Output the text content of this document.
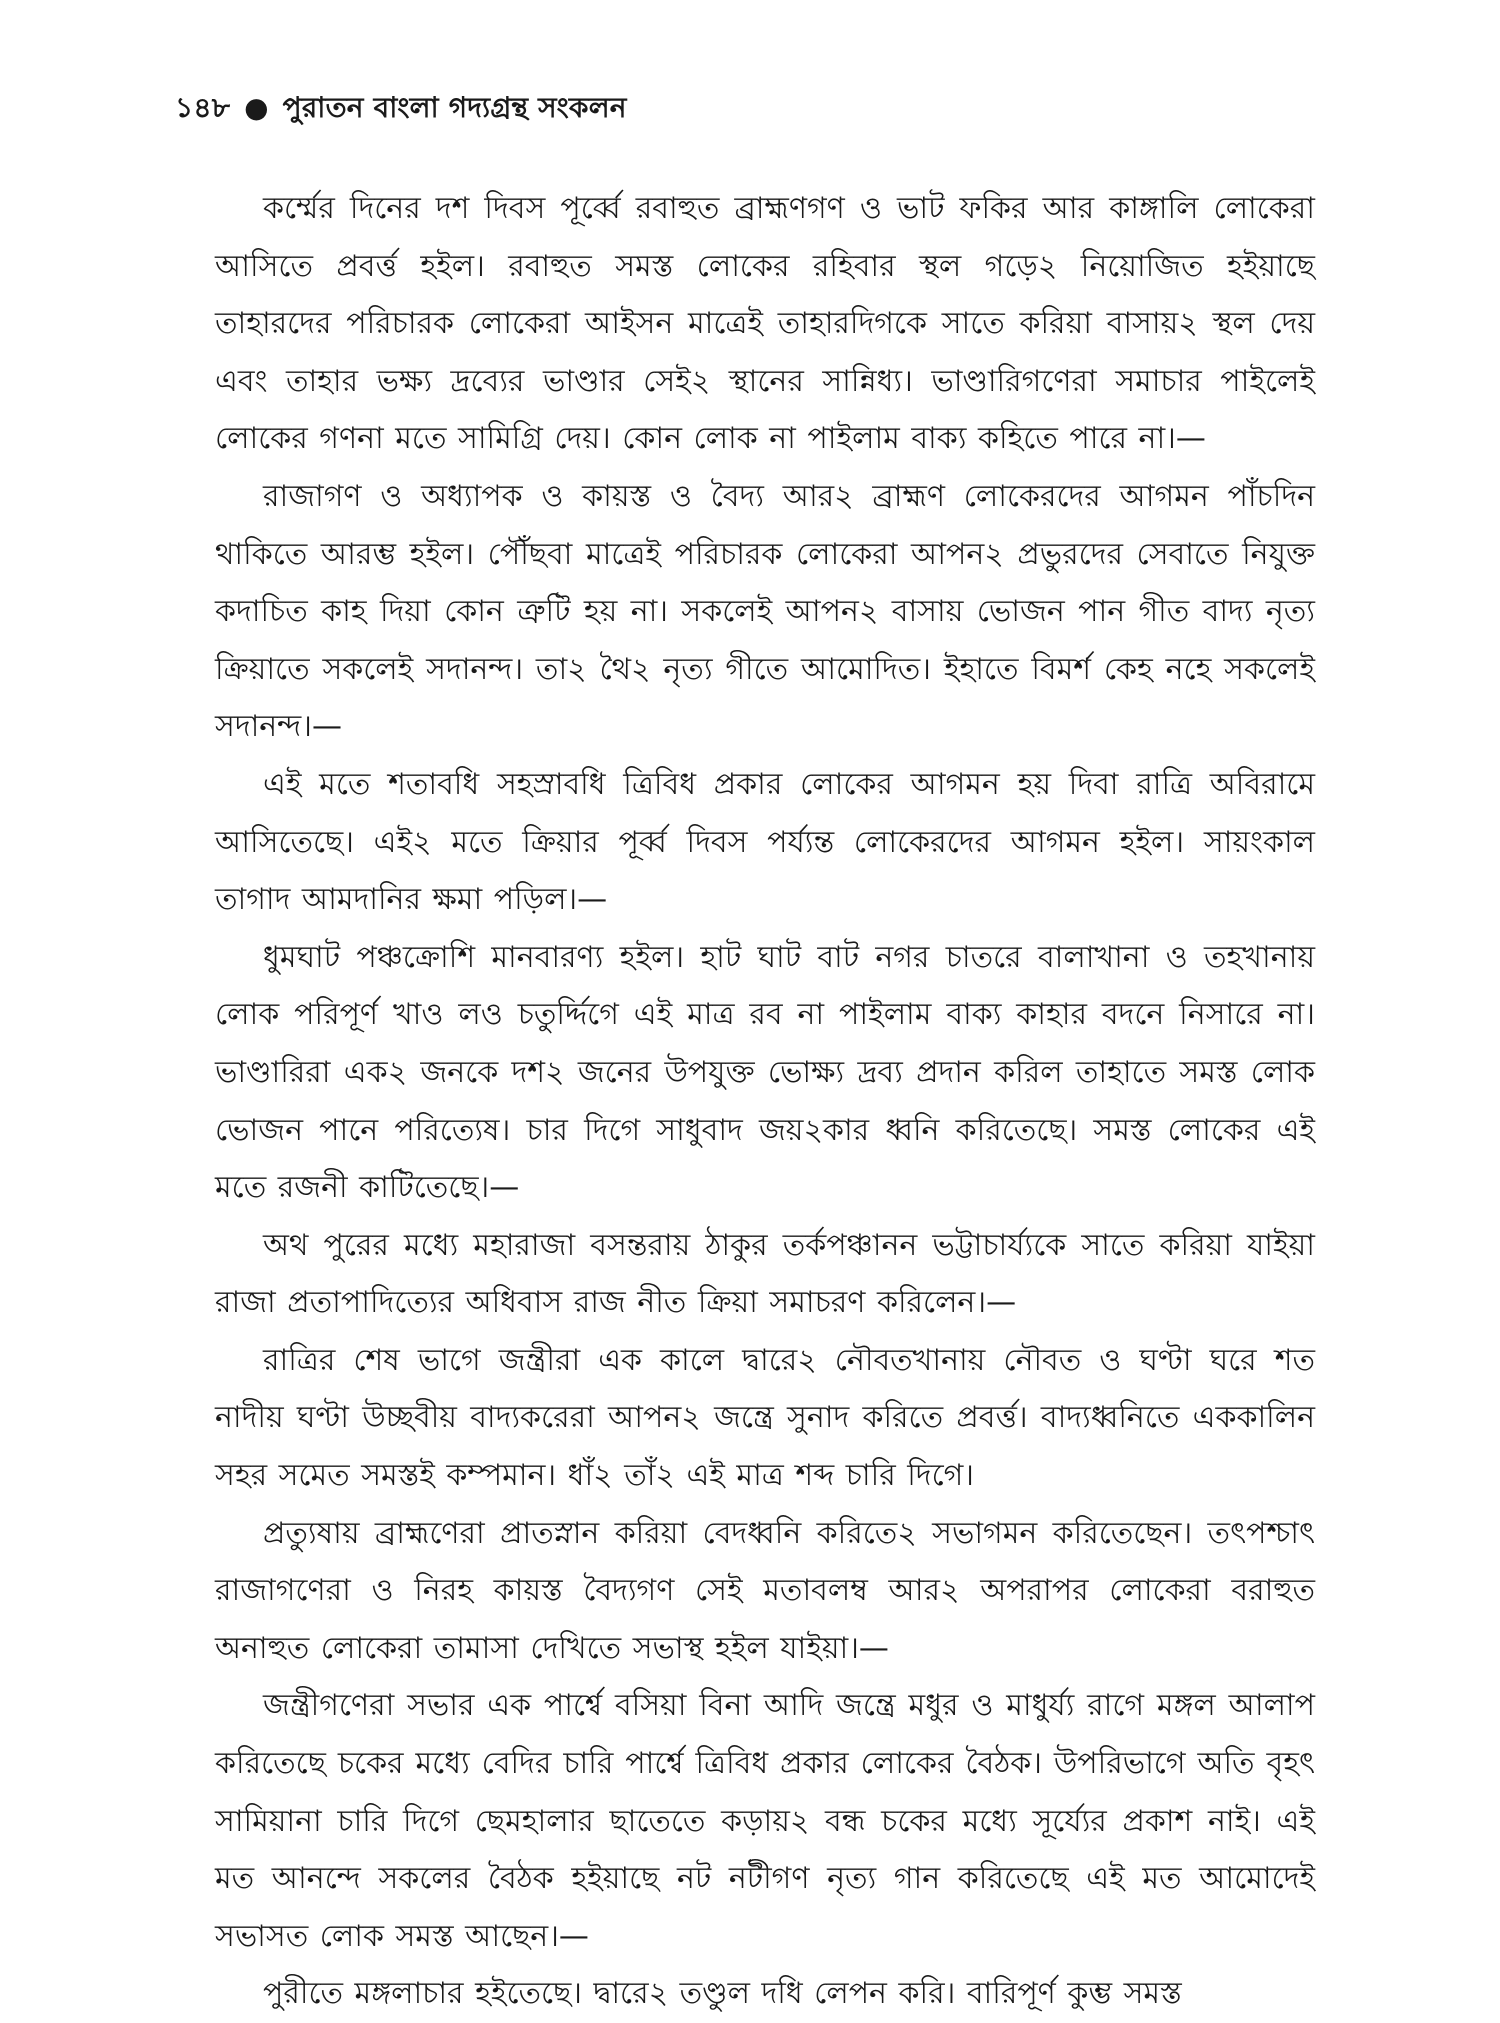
১৪৮ ● পুরাতন বাংলা গদ্যগ্রন্থ সংকলন

কর্ম্মের দিনের দশ দিবস পূর্ব্বে রবাহুত ব্রাহ্মণগণ ও ভাট ফকির আর কাঙ্গালি লোকেরা আসিতে প্রবর্ত্ত হইল। রবাহুত সমস্ত লোকের রহিবার স্থল গড়ে২ নিয়োজিত হইয়াছে তাহারদের পরিচারক লোকেরা আইসন মাত্রেই তাহারদিগকে সাতে করিয়া বাসায়২ স্থল দেয় এবং তাহার ভক্ষ্য দ্রব্যের ভাণ্ডার সেই২ স্থানের সান্নিধ্য। ভাণ্ডারিগণেরা সমাচার পাইলেই লোকের গণনা মতে সামিগ্রি দেয়। কোন লোক না পাইলাম বাক্য কহিতে পারে না।—

রাজাগণ ও অধ্যাপক ও কায়স্ত ও বৈদ্য আর২ ব্রাহ্মণ লোকেরদের আগমন পাঁচদিন থাকিতে আরম্ভ হইল। পৌঁছবা মাত্রেই পরিচারক লোকেরা আপন২ প্রভুরদের সেবাতে নিযুক্ত কদাচিত কাহ দিয়া কোন ত্রুটি হয় না। সকলেই আপন২ বাসায় ভোজন পান গীত বাদ্য নৃত্য ক্রিয়াতে সকলেই সদানন্দ। তা২ থৈ২ নৃত্য গীতে আমোদিত। ইহাতে বিমর্শ কেহ নহে সকলেই সদানন্দ।—

এই মতে শতাবধি সহস্রাবধি ত্রিবিধ প্রকার লোকের আগমন হয় দিবা রাত্রি অবিরামে আসিতেছে। এই২ মতে ক্রিয়ার পূর্ব্ব দিবস পর্য্যন্ত লোকেরদের আগমন হইল। সায়ংকাল তাগাদ আমদানির ক্ষমা পড়িল।—

ধুমঘাট পঞ্চক্রোশি মানবারণ্য হইল। হাট ঘাট বাট নগর চাতরে বালাখানা ও তহখানায় লোক পরিপূর্ণ খাও লও চতুর্দ্দিগে এই মাত্র রব না পাইলাম বাক্য কাহার বদনে নিসারে না। ভাণ্ডারিরা এক২ জনকে দশ২ জনের উপযুক্ত ভোক্ষ্য দ্রব্য প্রদান করিল তাহাতে সমস্ত লোক ভোজন পানে পরিত্যেষ। চার দিগে সাধুবাদ জয়২কার ধ্বনি করিতেছে। সমস্ত লোকের এই মতে রজনী কাটিতেছে।—

অথ পুরের মধ্যে মহারাজা বসন্তরায় ঠাকুর তর্কপঞ্চানন ভট্টাচার্য্যকে সাতে করিয়া যাইয়া রাজা প্রতাপাদিত্যের অধিবাস রাজ নীত ক্রিয়া সমাচরণ করিলেন।—

রাত্রির শেষ ভাগে জন্ত্রীরা এক কালে দ্বারে২ নৌবতখানায় নৌবত ও ঘণ্টা ঘরে শত নাদীয় ঘণ্টা উচ্ছবীয় বাদ্যকরেরা আপন২ জন্ত্রে সুনাদ করিতে প্রবর্ত্ত। বাদ্যধ্বনিতে এককালিন সহর সমেত সমস্তই কম্পমান। ধাঁ২ তাঁ২ এই মাত্র শব্দ চারি দিগে।

প্রত্যুষায় ব্রাহ্মণেরা প্রাতস্নান করিয়া বেদধ্বনি করিতে২ সভাগমন করিতেছেন। তৎপশ্চাৎ রাজাগণেরা ও নিরহ কায়স্ত বৈদ্যগণ সেই মতাবলম্ব আর২ অপরাপর লোকেরা বরাহুত অনাহুত লোকেরা তামাসা দেখিতে সভাস্থ হইল যাইয়া।—

জন্ত্রীগণেরা সভার এক পার্শ্বে বসিয়া বিনা আদি জন্ত্রে মধুর ও মাধুর্য্য রাগে মঙ্গল আলাপ করিতেছে চকের মধ্যে বেদির চারি পার্শ্বে ত্রিবিধ প্রকার লোকের বৈঠক। উপরিভাগে অতি বৃহৎ সামিয়ানা চারি দিগে ছেমহালার ছাতেতে কড়ায়২ বন্ধ চকের মধ্যে সূর্য্যের প্রকাশ নাই। এই মত আনন্দে সকলের বৈঠক হইয়াছে নট নটীগণ নৃত্য গান করিতেছে এই মত আমোদেই সভাসত লোক সমস্ত আছেন।—

পুরীতে মঙ্গলাচার হইতেছে। দ্বারে২ তণ্ডুল দধি লেপন করি। বারিপূর্ণ কুম্ভ সমস্ত
